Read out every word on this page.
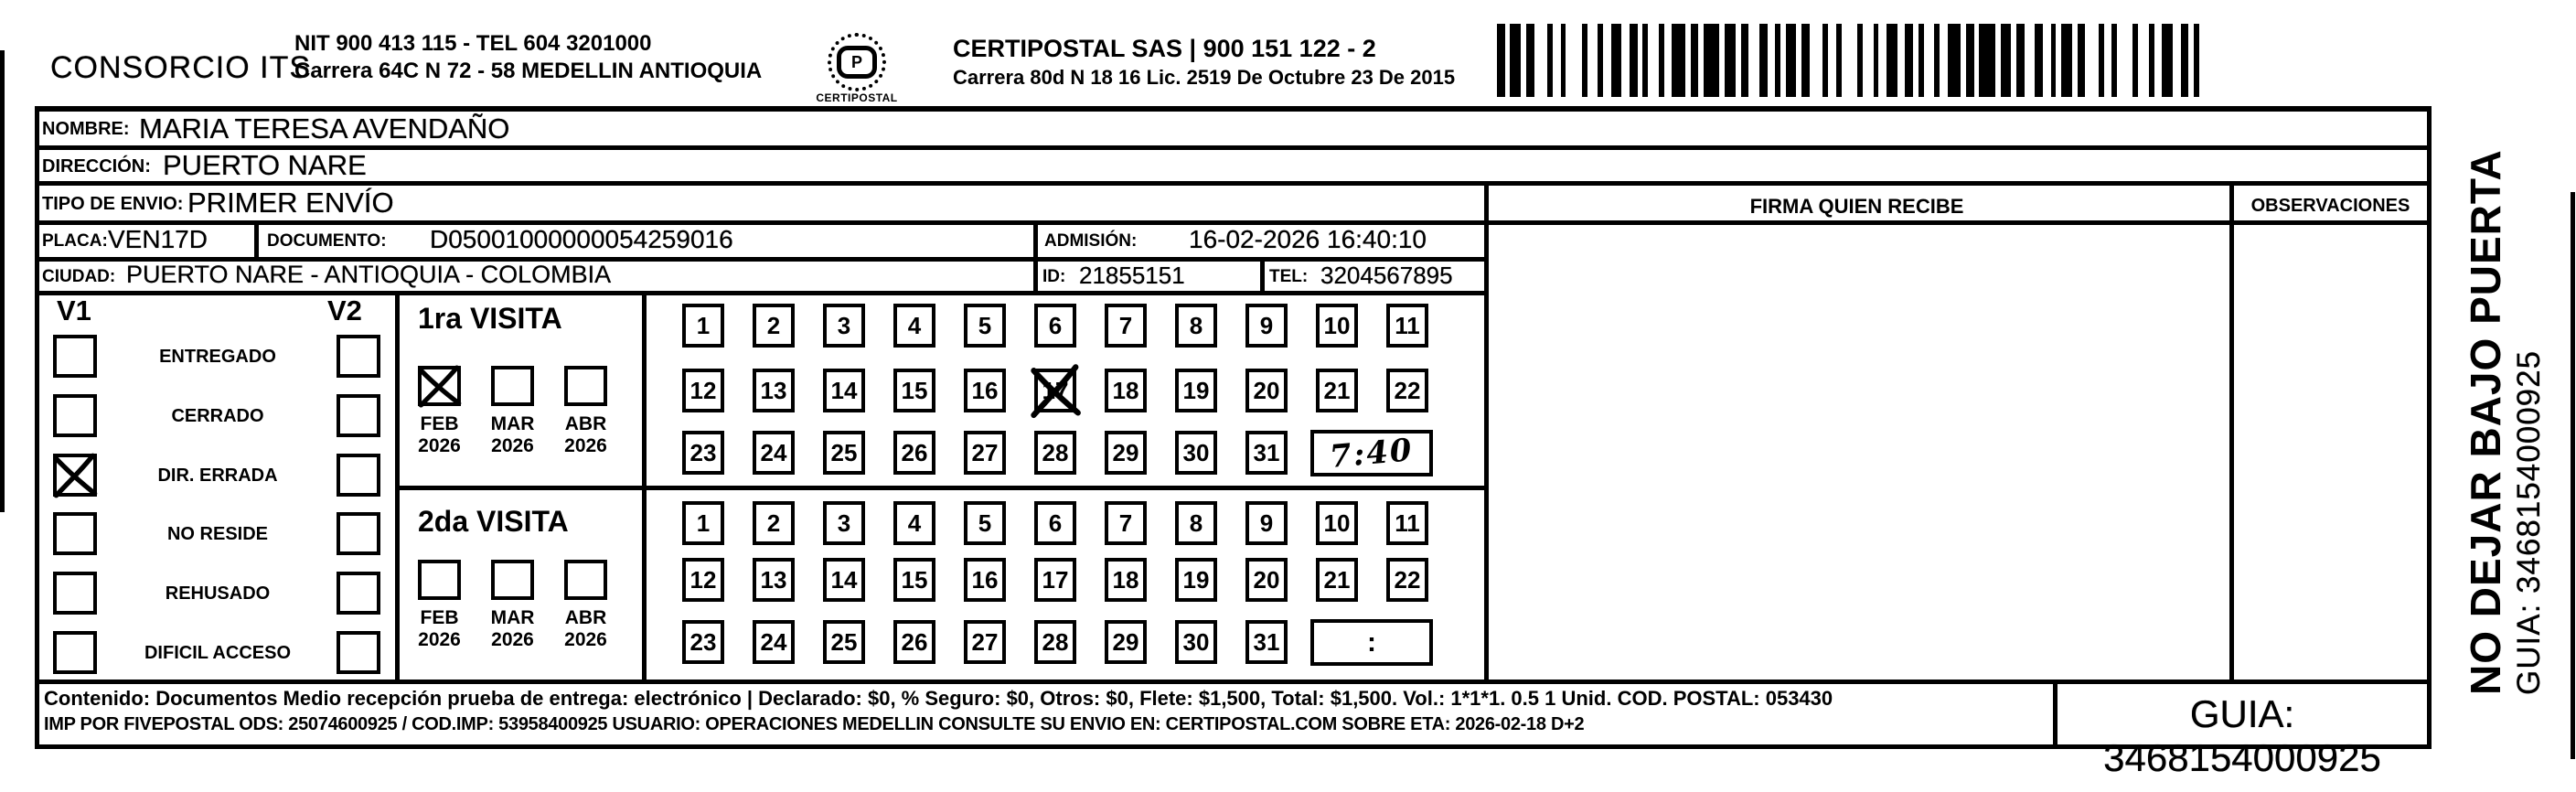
CONSORCIO ITS
NIT 900 413 115 - TEL 604 3201000
Carrera 64C N 72 - 58 MEDELLIN ANTIOQUIA	P
CERTIPOSTAL
CERTIPOSTAL SAS | 900 151 122 - 2
Carrera 80d N 18 16 Lic. 2519 De Octubre 23 De 2015
NOMBRE: MARIA TERESA AVENDAÑO
DIRECCIÓN: PUERTO NARE
TIPO DE ENVIO: PRIMER ENVÍO	FIRMA QUIEN RECIBE	OBSERVACIONES
PLACA: VEN17D	DOCUMENTO: D05001000000054259016	ADMISIÓN: 16-02-2026 16:40:10
CIUDAD: PUERTO NARE - ANTIOQUIA - COLOMBIA	ID: 21855151	TEL: 3204567895
V1	V2
ENTREGADO
CERRADO
DIR. ERRADA
NO RESIDE
REHUSADO
DIFICIL ACCESO
1ra VISITA
FEB
2026
MAR
2026
ABR
2026
2da VISITA
FEB
2026
MAR
2026
ABR
2026
1 2 3 4 5 6 7 8 9 10 11
12 13 14 15 16 17 18 19 20 21 22
23 24 25 26 27 28 29 30 31 7:40
1 2 3 4 5 6 7 8 9 10 11
12 13 14 15 16 17 18 19 20 21 22
23 24 25 26 27 28 29 30 31	:
Contenido: Documentos Medio recepción prueba de entrega: electrónico | Declarado: $0, % Seguro: $0, Otros: $0, Flete: $1,500, Total: $1,500. Vol.: 1*1*1. 0.5 1 Unid. COD. POSTAL: 053430
IMP POR FIVEPOSTAL ODS: 25074600925 / COD.IMP: 53958400925 USUARIO: OPERACIONES MEDELLIN CONSULTE SU ENVIO EN: CERTIPOSTAL.COM SOBRE ETA: 2026-02-18 D+2	GUIA: 3468154000925
NO DEJAR BAJO PUERTA GUIA: 3468154000925
